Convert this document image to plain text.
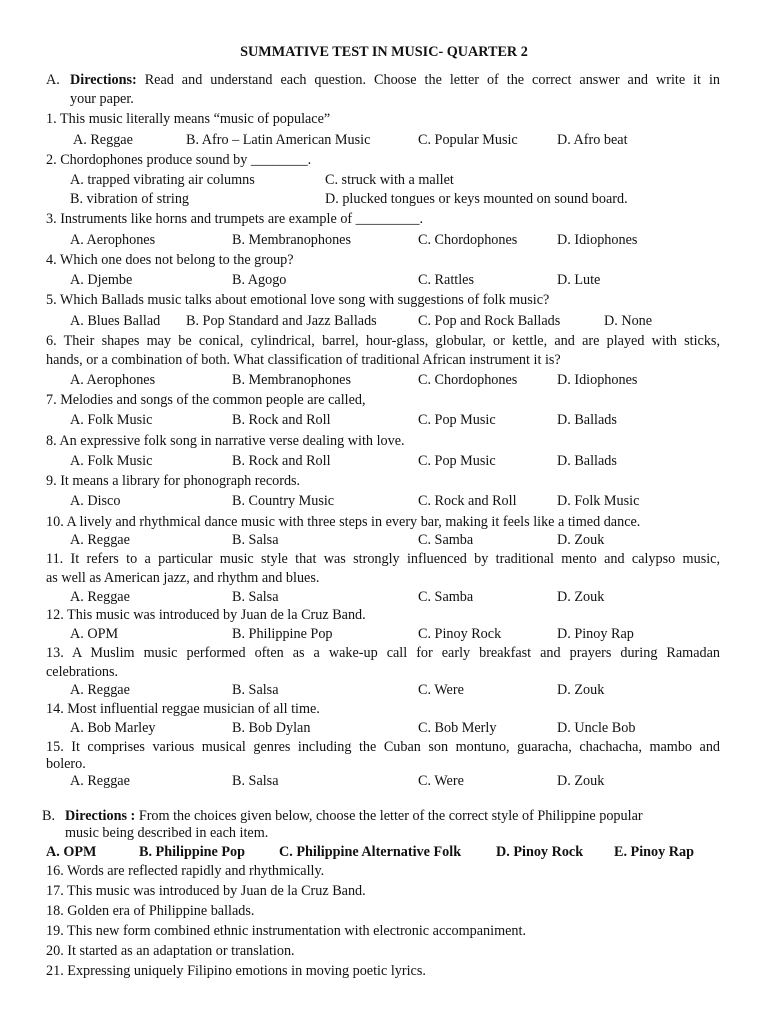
SUMMATIVE TEST IN MUSIC- QUARTER 2
A. Directions: Read and understand each question. Choose the letter of the correct answer and write it in
your paper.
1. This music literally means “music of populace”
A. Reggae	B. Afro – Latin American Music	C. Popular Music	D. Afro beat
2. Chordophones produce sound by ________.
A. trapped vibrating air columns	C. struck with a mallet
B. vibration of string	D. plucked tongues or keys mounted on sound board.
3. Instruments like horns and trumpets are example of _________.
A. Aerophones	B. Membranophones	C. Chordophones	D. Idiophones
4. Which one does not belong to the group?
A. Djembe	B. Agogo	C. Rattles	D. Lute
5. Which Ballads music talks about emotional love song with suggestions of folk music?
A. Blues Ballad B. Pop Standard and Jazz Ballads	C. Pop and Rock Ballads	D. None
6. Their shapes may be conical, cylindrical, barrel, hour-glass, globular, or kettle, and are played with sticks,
hands, or a combination of both. What classification of traditional African instrument it is?
A. Aerophones	B. Membranophones	C. Chordophones	D. Idiophones
7. Melodies and songs of the common people are called,
A. Folk Music	B. Rock and Roll	C. Pop Music	D. Ballads
8. An expressive folk song in narrative verse dealing with love.
A. Folk Music	B. Rock and Roll	C. Pop Music	D. Ballads
9. It means a library for phonograph records.
A. Disco	B. Country Music	C. Rock and Roll	D. Folk Music
10. A lively and rhythmical dance music with three steps in every bar, making it feels like a timed dance.
A. Reggae	B. Salsa	C. Samba	D. Zouk
11. It refers to a particular music style that was strongly influenced by traditional mento and calypso music,
as well as American jazz, and rhythm and blues.
A. Reggae	B. Salsa	C. Samba	D. Zouk
12. This music was introduced by Juan de la Cruz Band.
A. OPM	B. Philippine Pop	C. Pinoy Rock	D. Pinoy Rap
13. A Muslim music performed often as a wake-up call for early breakfast and prayers during Ramadan
celebrations.
A. Reggae	B. Salsa	C. Were	D. Zouk
14. Most influential reggae musician of all time.
A. Bob Marley	B. Bob Dylan	C. Bob Merly	D. Uncle Bob
15. It comprises various musical genres including the Cuban son montuno, guaracha, chachacha, mambo and
bolero.
A. Reggae	B. Salsa	C. Were	D. Zouk
B. Directions : From the choices given below, choose the letter of the correct style of Philippine popular
music being described in each item.
A. OPM	B. Philippine Pop C. Philippine Alternative Folk D. Pinoy Rock E. Pinoy Rap
16. Words are reflected rapidly and rhythmically.
17. This music was introduced by Juan de la Cruz Band.
18. Golden era of Philippine ballads.
19. This new form combined ethnic instrumentation with electronic accompaniment.
20. It started as an adaptation or translation.
21. Expressing uniquely Filipino emotions in moving poetic lyrics.
